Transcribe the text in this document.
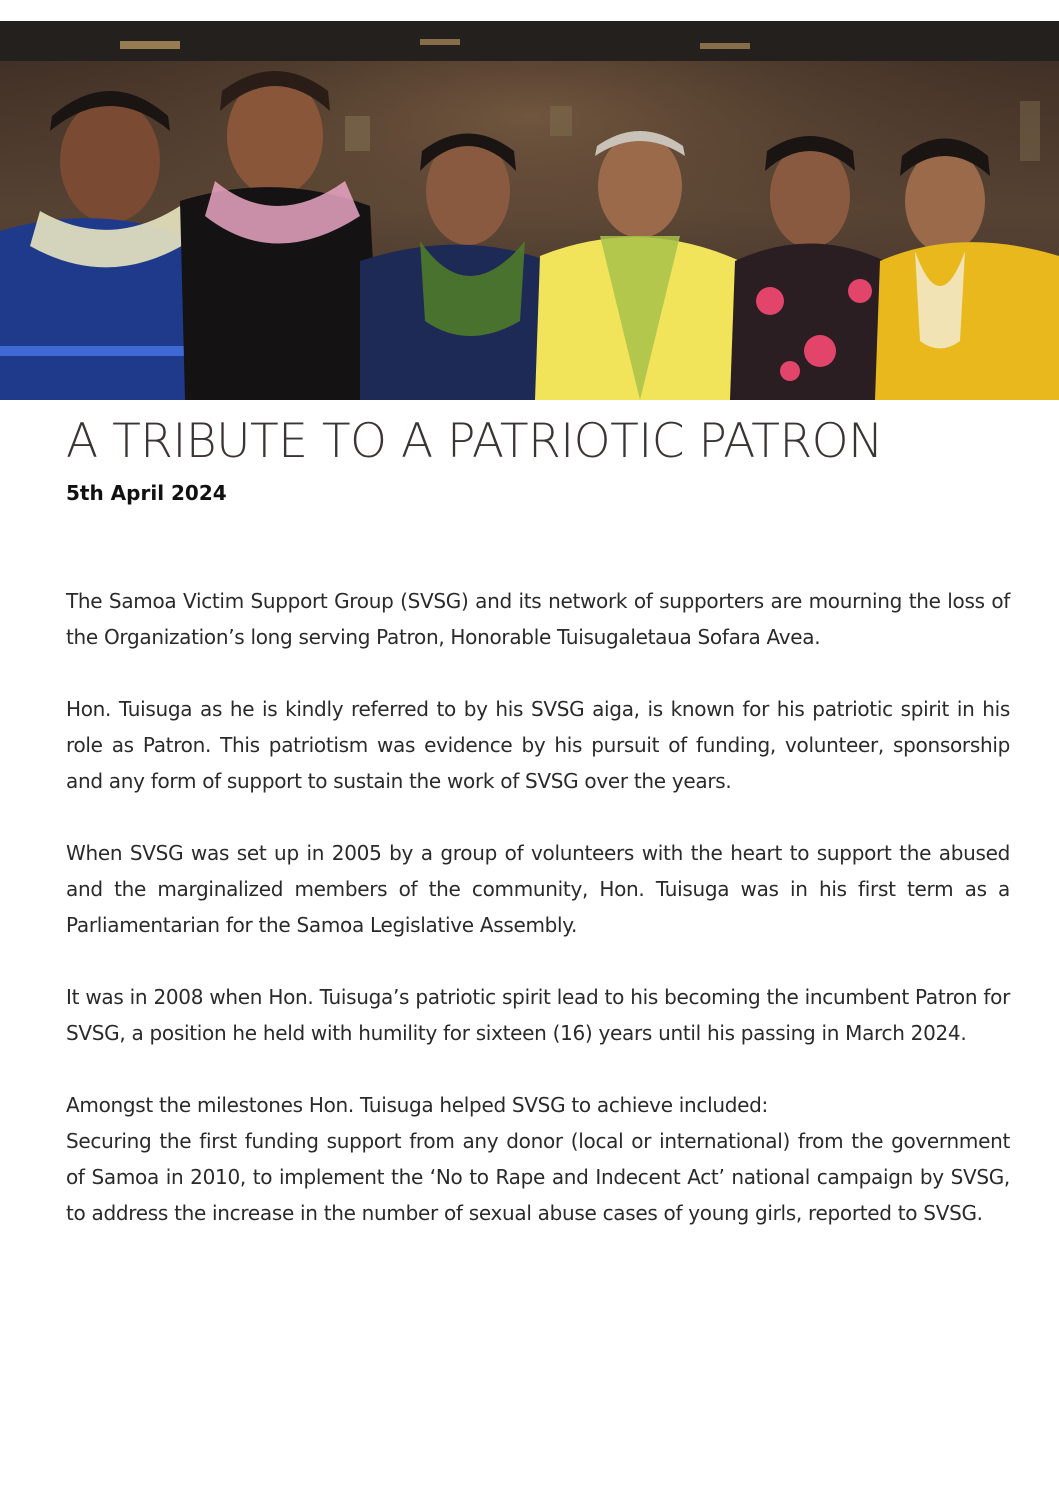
A TRIBUTE TO A PATRIOTIC PATRON
5th April 2024

The Samoa Victim Support Group (SVSG) and its network of supporters are mourning the loss of the Organization’s long serving Patron, Honorable Tuisugaletaua Sofara Avea.

Hon. Tuisuga as he is kindly referred to by his SVSG aiga, is known for his patriotic spirit in his role as Patron. This patriotism was evidence by his pursuit of funding, volunteer, sponsorship and any form of support to sustain the work of SVSG over the years.

When SVSG was set up in 2005 by a group of volunteers with the heart to support the abused and the marginalized members of the community, Hon. Tuisuga was in his first term as a Parliamentarian for the Samoa Legislative Assembly.

It was in 2008 when Hon. Tuisuga’s patriotic spirit lead to his becoming the incumbent Patron for SVSG, a position he held with humility for sixteen (16) years until his passing in March 2024.

Amongst the milestones Hon. Tuisuga helped SVSG to achieve included:

Securing the first funding support from any donor (local or international) from the government of Samoa in 2010, to implement the ‘No to Rape and Indecent Act’ national campaign by SVSG, to address the increase in the number of sexual abuse cases of young girls, reported to SVSG.
